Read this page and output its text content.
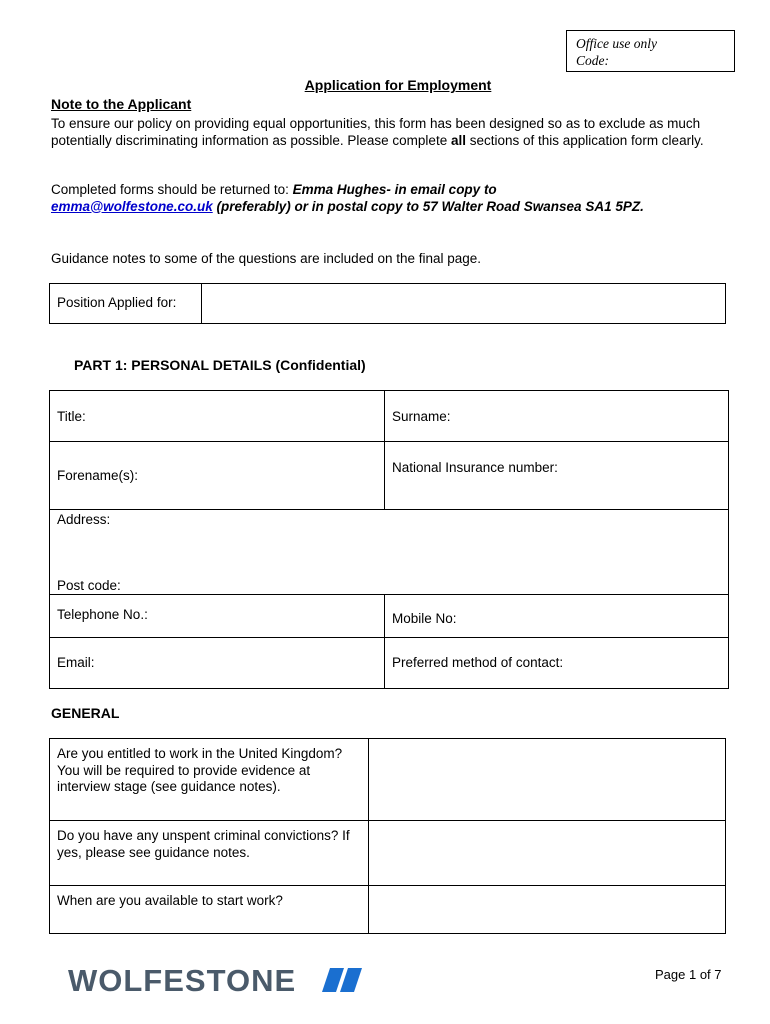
Office use only
Code:
Application for Employment
Note to the Applicant
To ensure our policy on providing equal opportunities, this form has been designed so as to exclude as much potentially discriminating information as possible. Please complete all sections of this application form clearly.
Completed forms should be returned to: Emma Hughes- in email copy to
emma@wolfestone.co.uk (preferably) or in postal copy to 57 Walter Road Swansea SA1 5PZ.
Guidance notes to some of the questions are included on the final page.
Position Applied for:	
PART 1: PERSONAL DETAILS (Confidential)
Title:	Surname:
Forename(s):	National Insurance number:

Address:
Post code:	

Telephone No.:	Mobile No:
Email:	Preferred method of contact:
GENERAL
Are you entitled to work in the United Kingdom? You will be required to provide evidence at interview stage (see guidance notes).	
Do you have any unspent criminal convictions? If yes, please see guidance notes.	
When are you available to start work?	
WOLFESTONE	Page 1 of 7
